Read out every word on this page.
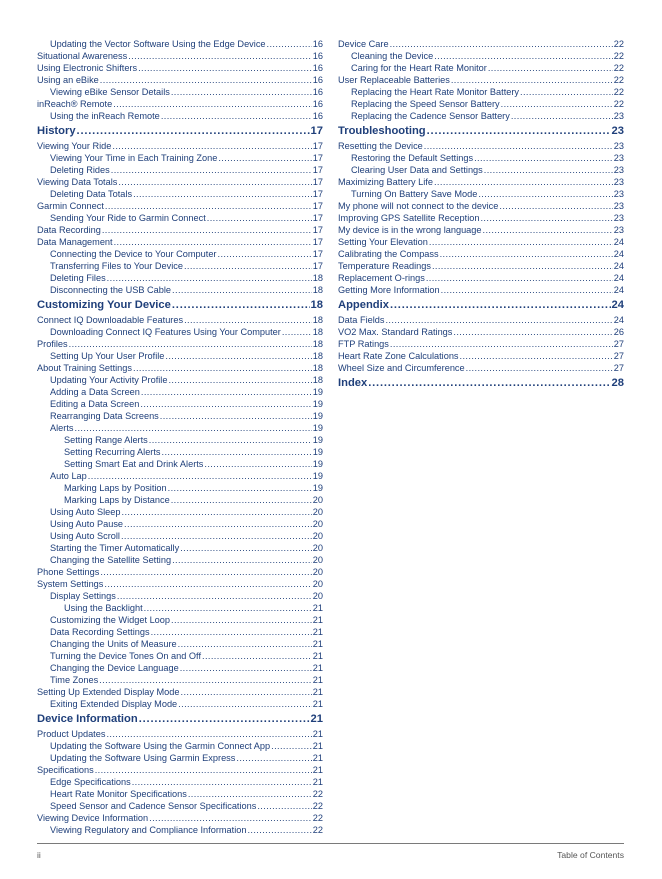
Updating the Vector Software Using the Edge Device .....	16
Situational Awareness .....	16
Using Electronic Shifters .....	16
Using an eBike .....	16
Viewing eBike Sensor Details .....	16
inReach® Remote .....	16
Using the inReach Remote .....	16
History .....	17
Viewing Your Ride .....	17
Viewing Your Time in Each Training Zone .....	17
Deleting Rides .....	17
Viewing Data Totals .....	17
Deleting Data Totals .....	17
Garmin Connect .....	17
Sending Your Ride to Garmin Connect .....	17
Data Recording .....	17
Data Management .....	17
Connecting the Device to Your Computer .....	17
Transferring Files to Your Device .....	17
Deleting Files .....	18
Disconnecting the USB Cable .....	18
Customizing Your Device .....	18
Connect IQ Downloadable Features .....	18
Downloading Connect IQ Features Using Your Computer .....	18
Profiles .....	18
Setting Up Your User Profile .....	18
About Training Settings .....	18
Updating Your Activity Profile .....	18
Adding a Data Screen .....	19
Editing a Data Screen .....	19
Rearranging Data Screens .....	19
Alerts .....	19
Setting Range Alerts .....	19
Setting Recurring Alerts .....	19
Setting Smart Eat and Drink Alerts .....	19
Auto Lap .....	19
Marking Laps by Position .....	19
Marking Laps by Distance .....	20
Using Auto Sleep .....	20
Using Auto Pause .....	20
Using Auto Scroll .....	20
Starting the Timer Automatically .....	20
Changing the Satellite Setting .....	20
Phone Settings .....	20
System Settings .....	20
Display Settings .....	20
Using the Backlight .....	21
Customizing the Widget Loop .....	21
Data Recording Settings .....	21
Changing the Units of Measure .....	21
Turning the Device Tones On and Off .....	21
Changing the Device Language .....	21
Time Zones .....	21
Setting Up Extended Display Mode .....	21
Exiting Extended Display Mode .....	21
Device Information .....	21
Product Updates .....	21
Updating the Software Using the Garmin Connect App .....	21
Updating the Software Using Garmin Express .....	21
Specifications .....	21
Edge Specifications .....	21
Heart Rate Monitor Specifications .....	22
Speed Sensor and Cadence Sensor Specifications .....	22
Viewing Device Information .....	22
Viewing Regulatory and Compliance Information .....	22
Device Care .....	22
Cleaning the Device .....	22
Caring for the Heart Rate Monitor .....	22
User Replaceable Batteries .....	22
Replacing the Heart Rate Monitor Battery .....	22
Replacing the Speed Sensor Battery .....	22
Replacing the Cadence Sensor Battery .....	23
Troubleshooting .....	23
Resetting the Device .....	23
Restoring the Default Settings .....	23
Clearing User Data and Settings .....	23
Maximizing Battery Life .....	23
Turning On Battery Save Mode .....	23
My phone will not connect to the device .....	23
Improving GPS Satellite Reception .....	23
My device is in the wrong language .....	23
Setting Your Elevation .....	24
Calibrating the Compass .....	24
Temperature Readings .....	24
Replacement O-rings .....	24
Getting More Information .....	24
Appendix .....	24
Data Fields .....	24
VO2 Max. Standard Ratings .....	26
FTP Ratings .....	27
Heart Rate Zone Calculations .....	27
Wheel Size and Circumference .....	27
Index .....	28
ii	Table of Contents
